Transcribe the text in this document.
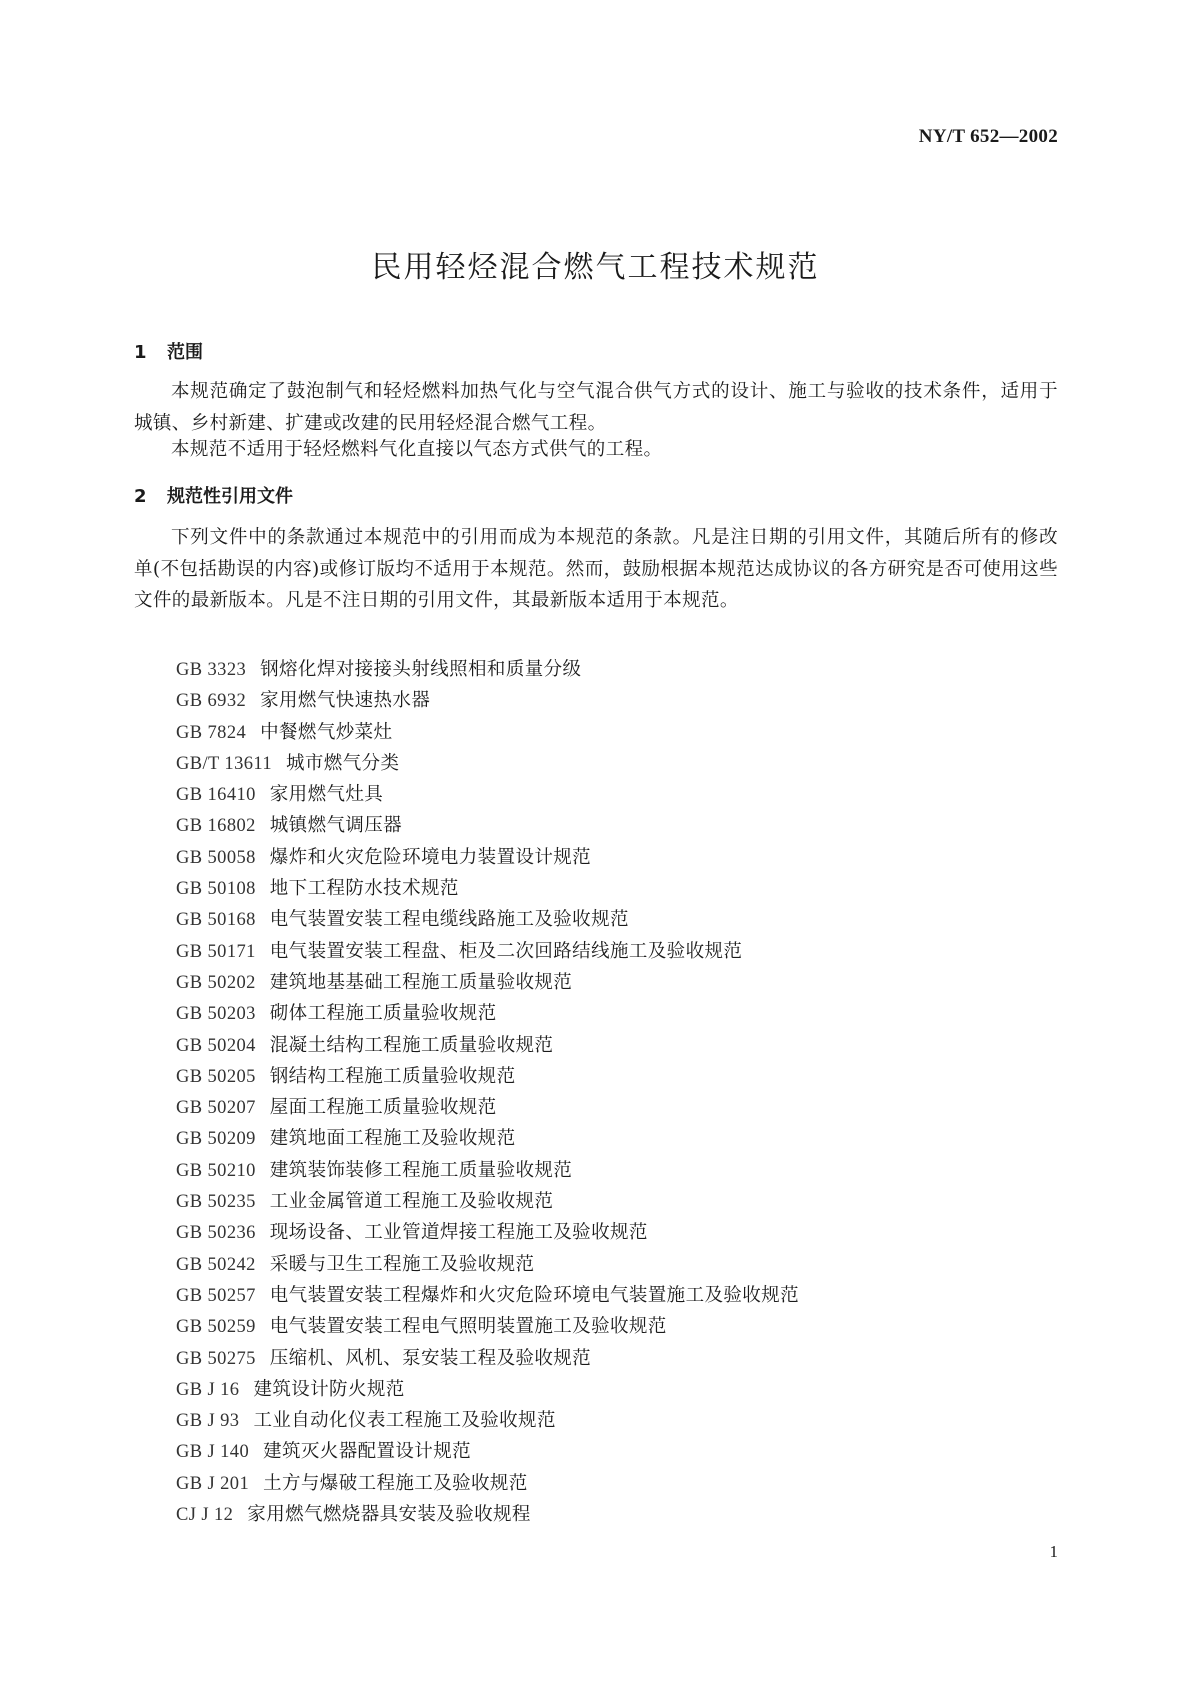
NY/T 652—2002
民用轻烃混合燃气工程技术规范
1 范围

本规范确定了鼓泡制气和轻烃燃料加热气化与空气混合供气方式的设计、施工与验收的技术条件，适用于城镇、乡村新建、扩建或改建的民用轻烃混合燃气工程。

本规范不适用于轻烃燃料气化直接以气态方式供气的工程。

2 规范性引用文件

下列文件中的条款通过本规范中的引用而成为本规范的条款。凡是注日期的引用文件，其随后所有的修改单(不包括勘误的内容)或修订版均不适用于本规范。然而，鼓励根据本规范达成协议的各方研究是否可使用这些文件的最新版本。凡是不注日期的引用文件，其最新版本适用于本规范。

GB 3323 钢熔化焊对接接头射线照相和质量分级
GB 6932 家用燃气快速热水器
GB 7824 中餐燃气炒菜灶
GB/T 13611 城市燃气分类
GB 16410 家用燃气灶具
GB 16802 城镇燃气调压器
GB 50058 爆炸和火灾危险环境电力装置设计规范
GB 50108 地下工程防水技术规范
GB 50168 电气装置安装工程电缆线路施工及验收规范
GB 50171 电气装置安装工程盘、柜及二次回路结线施工及验收规范
GB 50202 建筑地基基础工程施工质量验收规范
GB 50203 砌体工程施工质量验收规范
GB 50204 混凝土结构工程施工质量验收规范
GB 50205 钢结构工程施工质量验收规范
GB 50207 屋面工程施工质量验收规范
GB 50209 建筑地面工程施工及验收规范
GB 50210 建筑装饰装修工程施工质量验收规范
GB 50235 工业金属管道工程施工及验收规范
GB 50236 现场设备、工业管道焊接工程施工及验收规范
GB 50242 采暖与卫生工程施工及验收规范
GB 50257 电气装置安装工程爆炸和火灾危险环境电气装置施工及验收规范
GB 50259 电气装置安装工程电气照明装置施工及验收规范
GB 50275 压缩机、风机、泵安装工程及验收规范
GB J 16 建筑设计防火规范
GB J 93 工业自动化仪表工程施工及验收规范
GB J 140 建筑灭火器配置设计规范
GB J 201 土方与爆破工程施工及验收规范
CJ J 12 家用燃气燃烧器具安装及验收规程
1
